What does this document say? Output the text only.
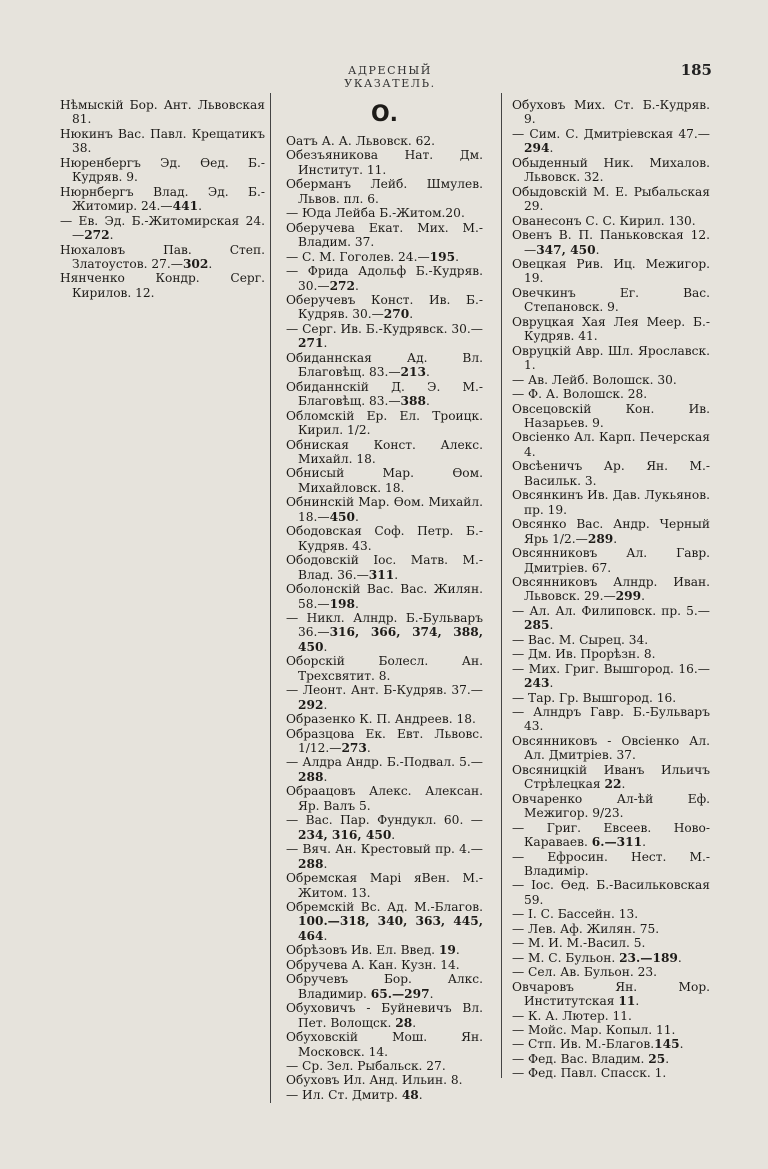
АДРЕСНЫЙ УКАЗАТЕЛЬ.
185
Нѣмыскій Бор. Ант. Львовская 81.
Нюкинъ Вас. Павл. Крещатикъ 38.
Нюренбергъ Эд. Өед. Б.-Кудряв. 9.
Нюрнбергъ Влад. Эд. Б.-Житомир. 24.—441.
— Ев. Эд. Б.-Житомирская 24.—272.
Нюхаловъ Пав. Степ. Златоустов. 27.—302.
Нянченко Кондр. Серг. Кирилов. 12.
О.
Оатъ А. А. Львовск. 62.
Обезъяникова Нат. Дм. Институт. 11.
Оберманъ Лейб. Шмулев. Львов. пл. 6.
— Юда Лейба Б.-Житом.20.
Оберучева Екат. Мих. М.-Владим. 37.
— С. М. Гоголев. 24.—195.
— Фрида Адольф Б.-Кудряв. 30.—272.
Оберучевъ Конст. Ив. Б.-Кудряв. 30.—270.
— Серг. Ив. Б.-Кудрявск. 30.—271.
Обиданнская Ад. Вл. Благовѣщ. 83.—213.
Обиданнскій Д. Э. М.-Благовѣщ. 83.—388.
Обломскій Ер. Ел. Троицк. Кирил. 1/2.
Обниская Конст. Алекс. Михайл. 18.
Обнисый Мар. Өом. Михайловск. 18.
Обнинскій Мар. Өом. Михайл. 18.—450.
Ободовская Соф. Петр. Б.-Кудряв. 43.
Ободовскій Іос. Матв. М.-Влад. 36.—311.
Оболонскій Вас. Вас. Жилян. 58.—198.
— Никл. Алндр. Б.-Бульваръ 36.—316, 366, 374, 388, 450.
Оборскій Болесл. Ан. Трехсвятит. 8.
— Леонт. Ант. Б-Кудряв. 37.—292.
Образенко К. П. Андреев. 18.
Образцова Ек. Евт. Львовс. 1/12.—273.
— Алдра Андр. Б.-Подвал. 5.—288.
Обраацовъ Алекс. Алексан. Яр. Валъ 5.
— Вас. Пар. Фундукл. 60. —234, 316, 450.
— Вяч. Ан. Крестовый пр. 4.—288.
Обремская Марі яВен. М.-Житом. 13.
Обремскій Вс. Ад. М.-Благов. 100.—318, 340, 363, 445, 464.
Обрѣзовъ Ив. Ел. Введ. 19.
Обручева А. Кан. Кузн. 14.
Обручевъ Бор. Алкс. Владимир. 65.—297.
Обуховичъ - Буйневичъ Вл. Пет. Волощск. 28.
Обуховскій Мош. Ян. Московск. 14.
— Ср. Зел. Рыбальск. 27.
Обуховъ Ил. Анд. Ильин. 8.
— Ил. Ст. Дмитр. 48.
Обуховъ Мих. Ст. Б.-Кудряв. 9.
— Сим. С. Дмитріевская 47.—294.
Обыденный Ник. Михалов. Львовск. 32.
Обыдовскій М. Е. Рыбальская 29.
Ованесонъ С. С. Кирил. 130.
Овенъ В. П. Паньковская 12.—347, 450.
Овецкая Рив. Иц. Межигор. 19.
Овечкинъ Ег. Вас. Степановск. 9.
Овруцкая Хая Лея Меер. Б.-Кудряв. 41.
Овруцкій Авр. Шл. Ярославск. 1.
— Ав. Лейб. Волошск. 30.
— Ф. А. Волошск. 28.
Овсецовскій Кон. Ив. Назарьев. 9.
Овсіенко Ал. Карп. Печерская 4.
Овсѣеничъ Ар. Ян. М.-Васильк. 3.
Овсянкинъ Ив. Дав. Лукьянов. пр. 19.
Овсянко Вас. Андр. Черный Ярь 1/2.—289.
Овсянниковъ Ал. Гавр. Дмитріев. 67.
Овсянниковъ Алндр. Иван. Львовск. 29.—299.
— Ал. Ал. Филиповск. пр. 5.—285.
— Вас. М. Сырец. 34.
— Дм. Ив. Прорѣзн. 8.
— Мих. Григ. Вышгород. 16.—243.
— Тар. Гр. Вышгород. 16.
— Алндръ Гавр. Б.-Бульваръ 43.
Овсянниковъ - Овсіенко Ал. Ал. Дмитріев. 37.
Овсяницкій Иванъ Ильичъ Стрѣлецкая 22.
Овчаренко Ал-ѣй Еф. Межигор. 9/23.
— Григ. Евсеев. Ново-Караваев. 6.—311.
— Ефросин. Нест. М.-Владимір.
— Іос. Өед. Б.-Васильковская 59.
— І. С. Бассейн. 13.
— Лев. Аф. Жилян. 75.
— М. И. М.-Васил. 5.
— М. С. Бульон. 23.—189.
— Сел. Ав. Бульон. 23.
Овчаровъ Ян. Мор. Институтская 11.
— К. А. Лютер. 11.
— Мойс. Мар. Копыл. 11.
— Стп. Ив. М.-Благов.145.
— Фед. Вас. Владим. 25.
— Фед. Павл. Спасск. 1.
